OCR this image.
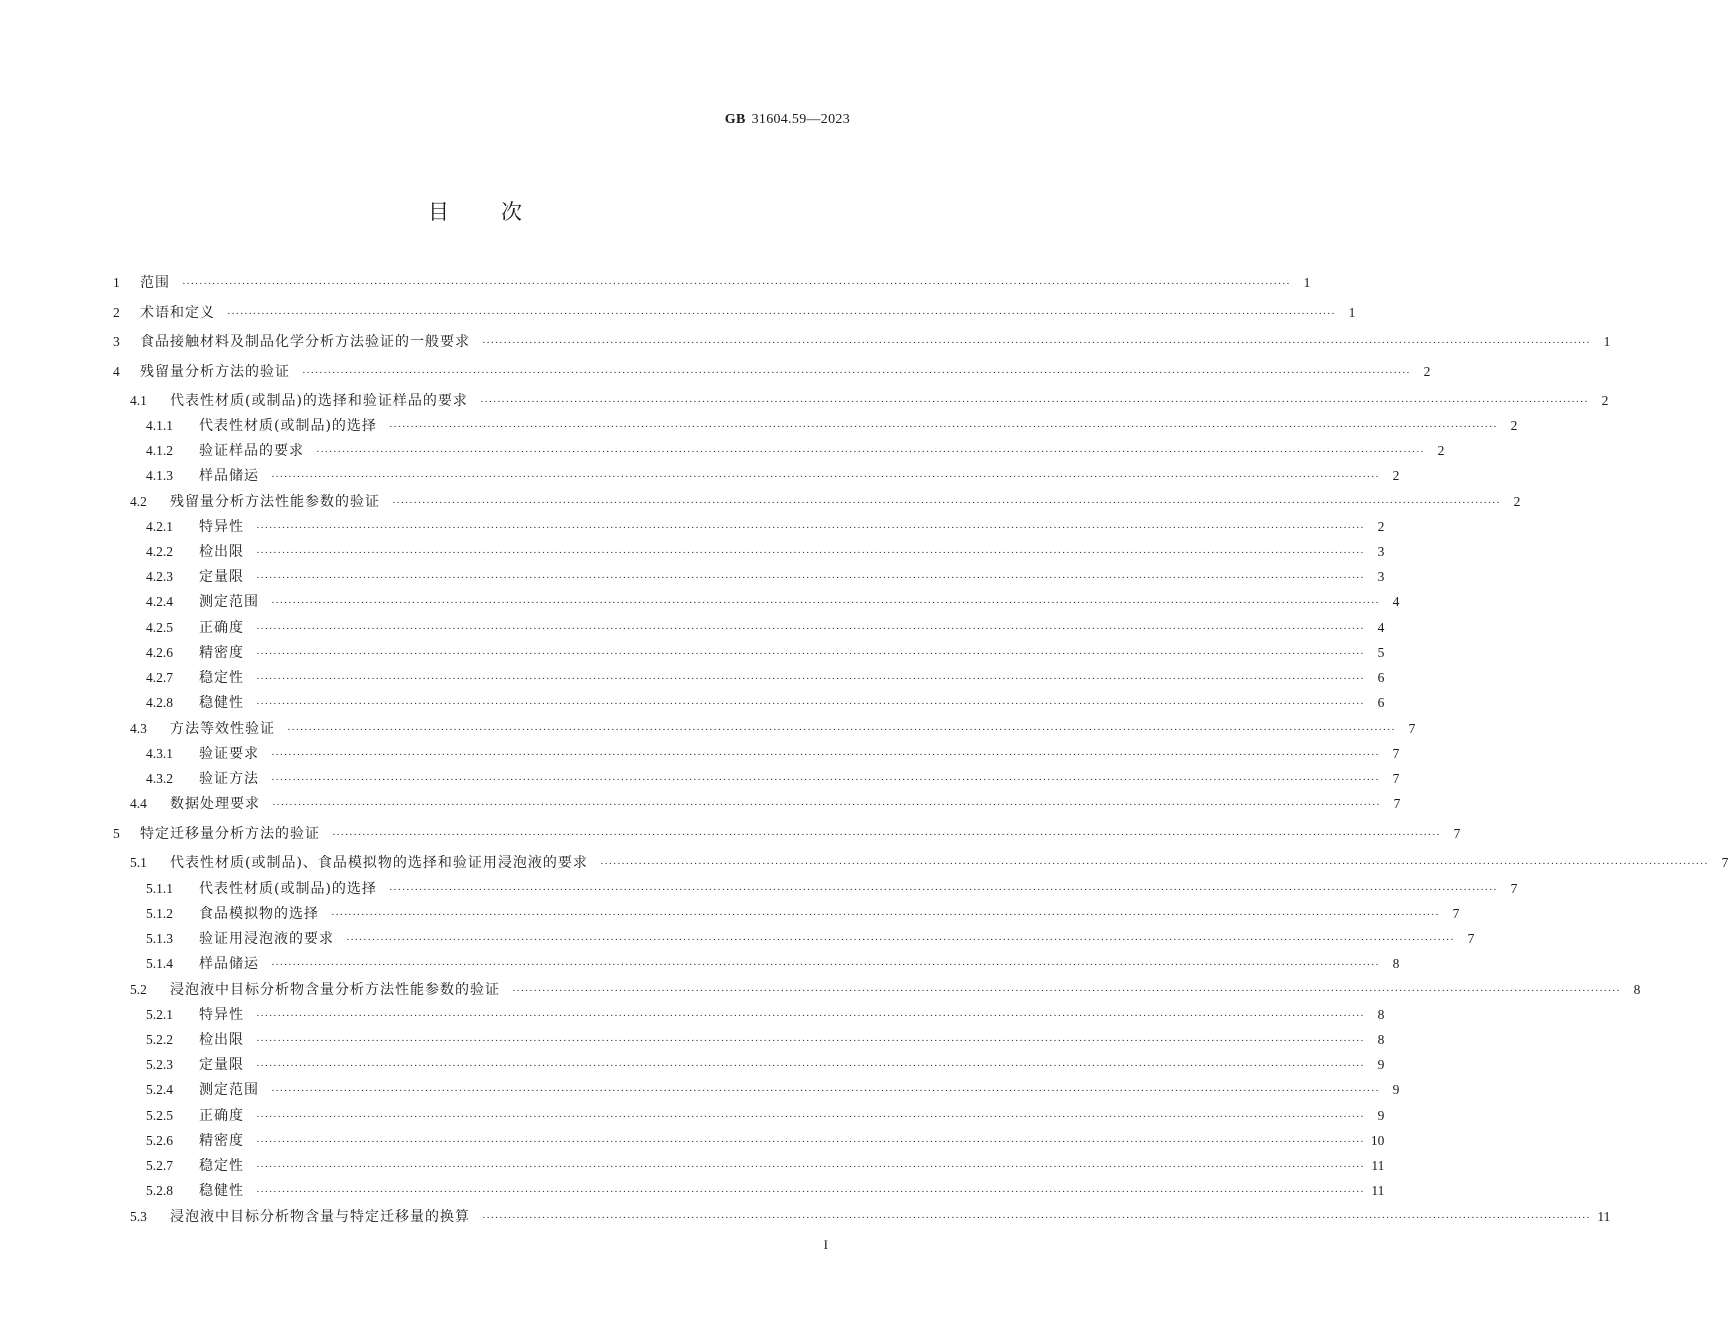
GB 31604.59—2023
目 次
1	范围 ···································································································································································································································································· 1
2	术语和定义 ···································································································································································································································································· 1
3	食品接触材料及制品化学分析方法验证的一般要求 ···································································································································································································································································· 1
4	残留量分析方法的验证 ···································································································································································································································································· 2
4.1	代表性材质(或制品)的选择和验证样品的要求 ···································································································································································································································································· 2
4.1.1	代表性材质(或制品)的选择 ···································································································································································································································································· 2
4.1.2	验证样品的要求 ···································································································································································································································································· 2
4.1.3	样品储运 ···································································································································································································································································· 2
4.2	残留量分析方法性能参数的验证 ···································································································································································································································································· 2
4.2.1	特异性 ···································································································································································································································································· 2
4.2.2	检出限 ···································································································································································································································································· 3
4.2.3	定量限 ···································································································································································································································································· 3
4.2.4	测定范围 ···································································································································································································································································· 4
4.2.5	正确度 ···································································································································································································································································· 4
4.2.6	精密度 ···································································································································································································································································· 5
4.2.7	稳定性 ···································································································································································································································································· 6
4.2.8	稳健性 ···································································································································································································································································· 6
4.3	方法等效性验证 ···································································································································································································································································· 7
4.3.1	验证要求 ···································································································································································································································································· 7
4.3.2	验证方法 ···································································································································································································································································· 7
4.4	数据处理要求 ···································································································································································································································································· 7
5	特定迁移量分析方法的验证 ···································································································································································································································································· 7
5.1	代表性材质(或制品)、食品模拟物的选择和验证用浸泡液的要求 ···································································································································································································································································· 7
5.1.1	代表性材质(或制品)的选择 ···································································································································································································································································· 7
5.1.2	食品模拟物的选择 ···································································································································································································································································· 7
5.1.3	验证用浸泡液的要求 ···································································································································································································································································· 7
5.1.4	样品储运 ···································································································································································································································································· 8
5.2	浸泡液中目标分析物含量分析方法性能参数的验证 ···································································································································································································································································· 8
5.2.1	特异性 ···································································································································································································································································· 8
5.2.2	检出限 ···································································································································································································································································· 8
5.2.3	定量限 ···································································································································································································································································· 9
5.2.4	测定范围 ···································································································································································································································································· 9
5.2.5	正确度 ···································································································································································································································································· 9
5.2.6	精密度 ···································································································································································································································································· 10
5.2.7	稳定性 ···································································································································································································································································· 11
5.2.8	稳健性 ···································································································································································································································································· 11
5.3	浸泡液中目标分析物含量与特定迁移量的换算 ···································································································································································································································································· 11
I
